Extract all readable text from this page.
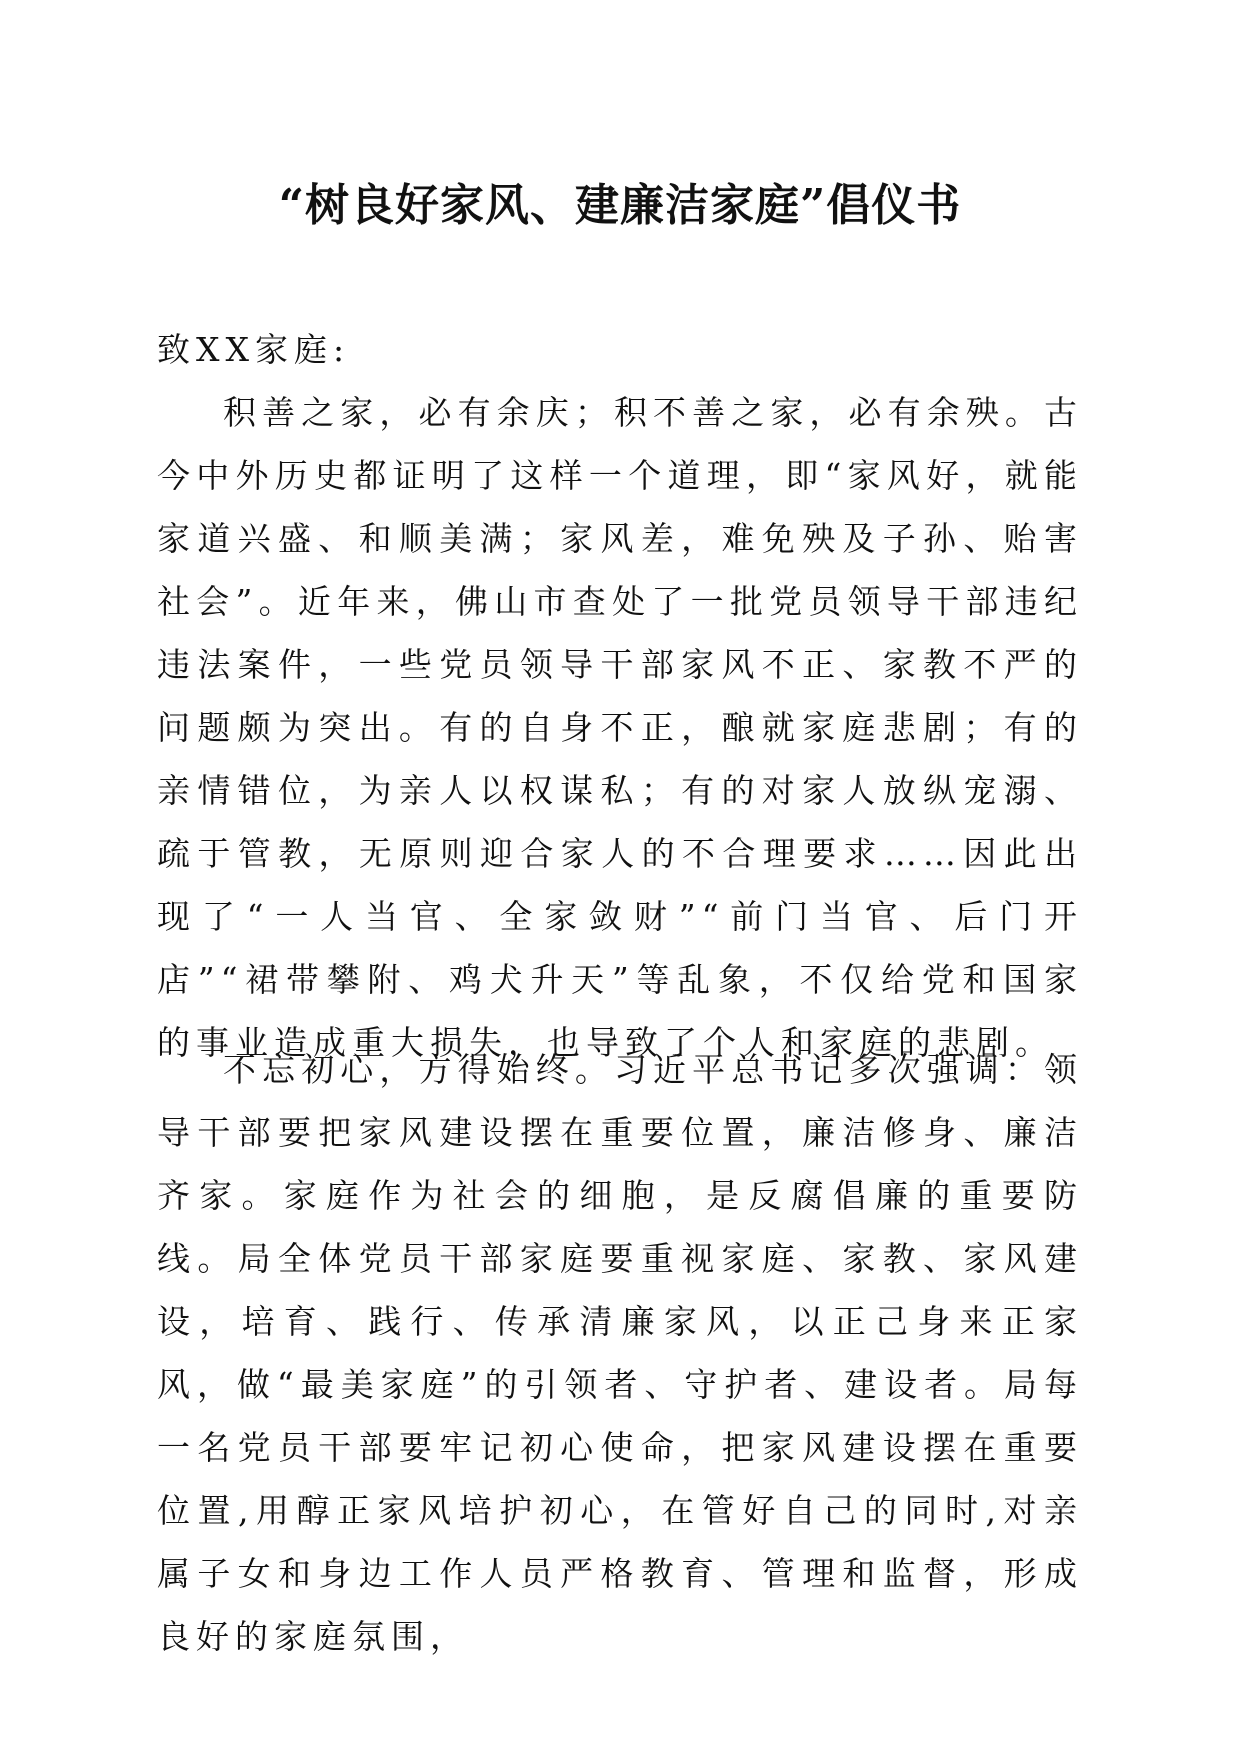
“树良好家风、建廉洁家庭”倡仪书

致XX家庭:

积善之家，必有余庆；积不善之家，必有余殃。古今中外历史都证明了这样一个道理，即“家风好，就能家道兴盛、和顺美满；家风差，难免殃及子孙、贻害社会”。近年来，佛山市查处了一批党员领导干部违纪违法案件，一些党员领导干部家风不正、家教不严的问题颇为突出。有的自身不正，酿就家庭悲剧；有的亲情错位，为亲人以权谋私；有的对家人放纵宠溺、疏于管教，无原则迎合家人的不合理要求……因此出现了“一人当官、全家敛财”“前门当官、后门开店”“裙带攀附、鸡犬升天”等乱象，不仅给党和国家的事业造成重大损失，也导致了个人和家庭的悲剧。

不忘初心，方得始终。习近平总书记多次强调：领导干部要把家风建设摆在重要位置，廉洁修身、廉洁齐家。家庭作为社会的细胞，是反腐倡廉的重要防线。局全体党员干部家庭要重视家庭、家教、家风建设，培育、践行、传承清廉家风，以正己身来正家风，做“最美家庭”的引领者、守护者、建设者。局每一名党员干部要牢记初心使命，把家风建设摆在重要位置,用醇正家风培护初心，在管好自己的同时,对亲属子女和身边工作人员严格教育、管理和监督，形成良好的家庭氛围，
